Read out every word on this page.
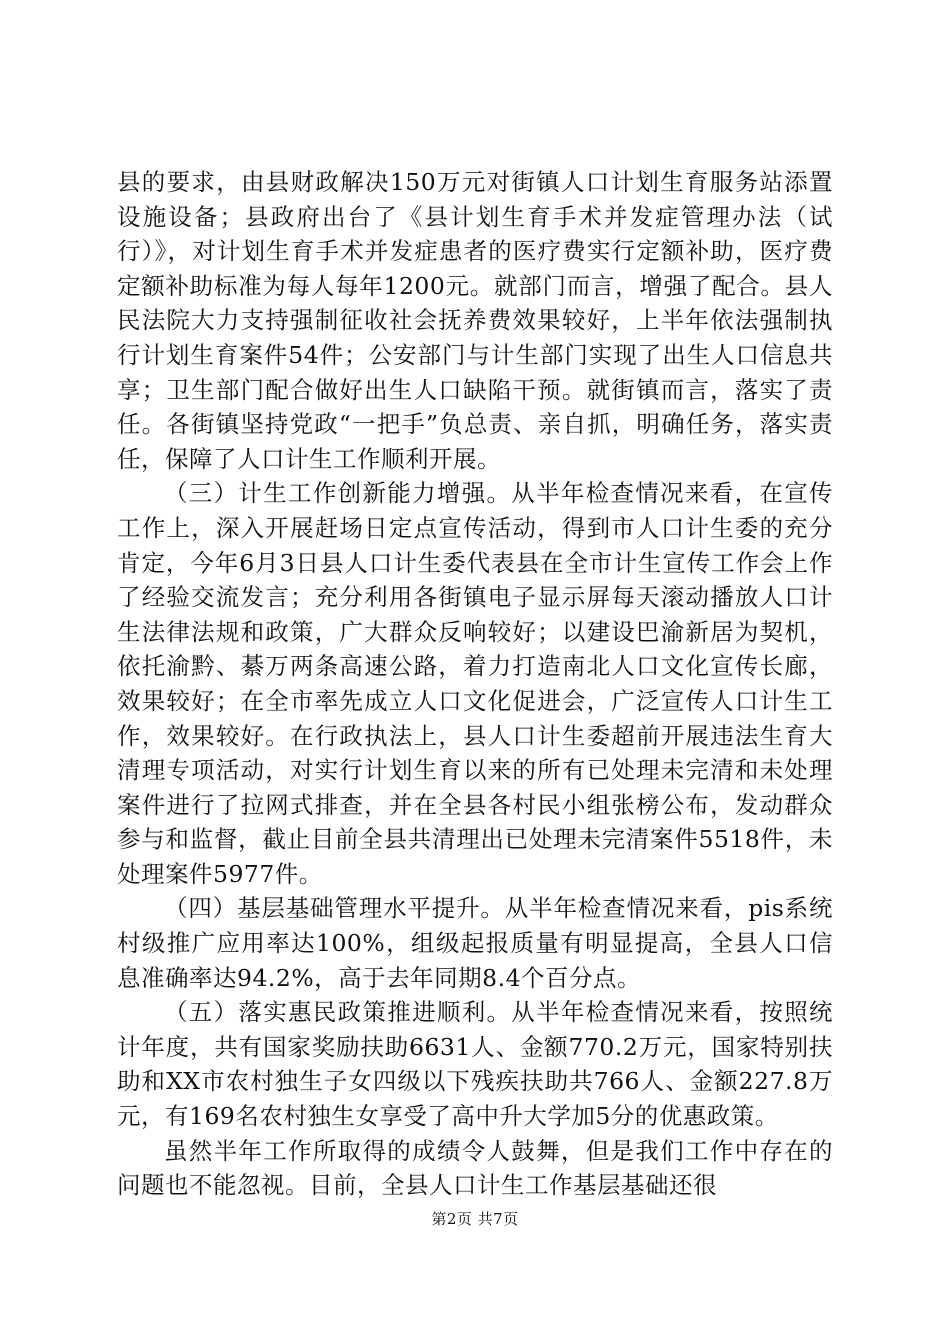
县的要求，由县财政解决150万元对街镇人口计划生育服务站添置设施设备；县政府出台了《县计划生育手术并发症管理办法（试行）》，对计划生育手术并发症患者的医疗费实行定额补助，医疗费定额补助标准为每人每年1200元。就部门而言，增强了配合。县人民法院大力支持强制征收社会抚养费效果较好，上半年依法强制执行计划生育案件54件；公安部门与计生部门实现了出生人口信息共享；卫生部门配合做好出生人口缺陷干预。就街镇而言，落实了责任。各街镇坚持党政“一把手”负总责、亲自抓，明确任务，落实责任，保障了人口计生工作顺利开展。

（三）计生工作创新能力增强。从半年检查情况来看，在宣传工作上，深入开展赶场日定点宣传活动，得到市人口计生委的充分肯定，今年6月3日县人口计生委代表县在全市计生宣传工作会上作了经验交流发言；充分利用各街镇电子显示屏每天滚动播放人口计生法律法规和政策，广大群众反响较好；以建设巴渝新居为契机，依托渝黔、綦万两条高速公路，着力打造南北人口文化宣传长廊，效果较好；在全市率先成立人口文化促进会，广泛宣传人口计生工作，效果较好。在行政执法上，县人口计生委超前开展违法生育大清理专项活动，对实行计划生育以来的所有已处理未完清和未处理案件进行了拉网式排查，并在全县各村民小组张榜公布，发动群众参与和监督，截止目前全县共清理出已处理未完清案件5518件，未处理案件5977件。

（四）基层基础管理水平提升。从半年检查情况来看，pis系统村级推广应用率达100%，组级起报质量有明显提高，全县人口信息准确率达94.2%，高于去年同期8.4个百分点。

（五）落实惠民政策推进顺利。从半年检查情况来看，按照统计年度，共有国家奖励扶助6631人、金额770.2万元，国家特别扶助和XX市农村独生子女四级以下残疾扶助共766人、金额227.8万元，有169名农村独生女享受了高中升大学加5分的优惠政策。

虽然半年工作所取得的成绩令人鼓舞，但是我们工作中存在的问题也不能忽视。目前，全县人口计生工作基层基础还很

第2页 共7页
